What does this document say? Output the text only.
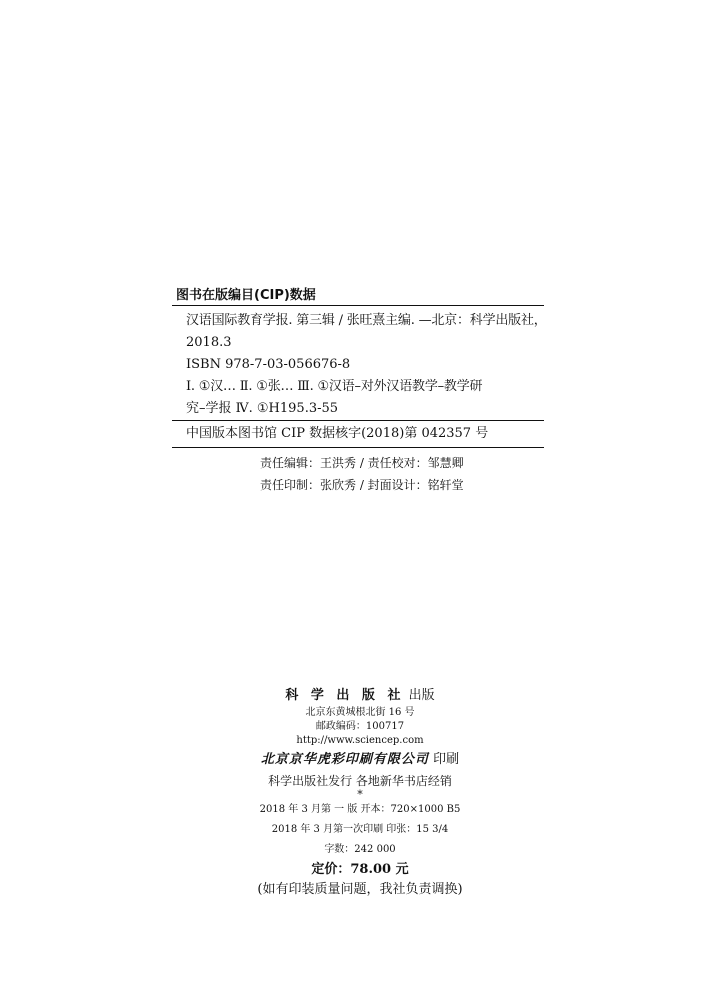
图书在版编目(CIP)数据
汉语国际教育学报. 第三辑 / 张旺熹主编. —北京：科学出版社，
2018.3
ISBN 978-7-03-056676-8
Ⅰ. ①汉… Ⅱ. ①张… Ⅲ. ①汉语–对外汉语教学–教学研
究–学报 Ⅳ. ①H195.3-55
中国版本图书馆 CIP 数据核字(2018)第 042357 号
责任编辑：王洪秀 / 责任校对：邹慧卿
责任印制：张欣秀 / 封面设计：铭轩堂
科 学 出 版 社 出版
北京东黄城根北街 16 号
邮政编码：100717
http://www.sciencep.com
北京京华虎彩印刷有限公司 印刷
科学出版社发行 各地新华书店经销
*
2018 年 3 月第 一 版 开本：720×1000 B5
2018 年 3 月第一次印刷 印张：15 3/4
字数：242 000
定价：78.00 元
(如有印装质量问题，我社负责调换)
